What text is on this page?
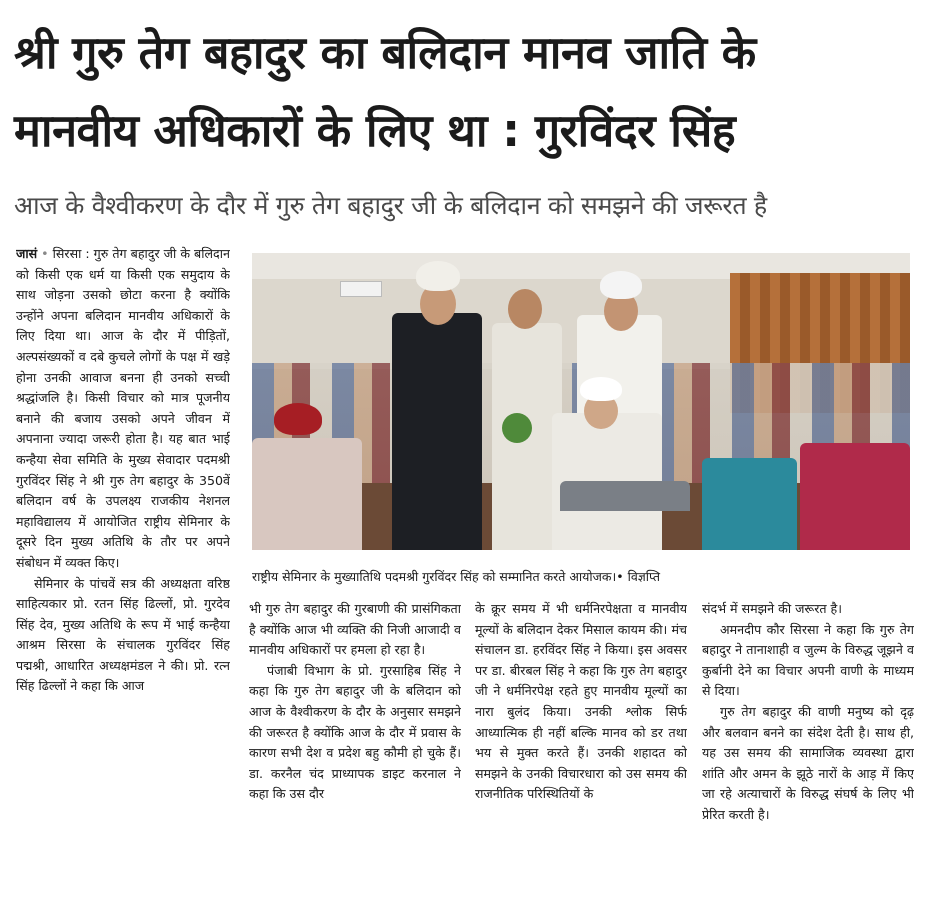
श्री गुरु तेग बहादुर का बलिदान मानव जाति के
मानवीय अधिकारों के लिए था : गुरविंदर सिंह
आज के वैश्वीकरण के दौर में गुरु तेग बहादुर जी के बलिदान को समझने की जरूरत है

जासं • सिरसा : गुरु तेग बहादुर जी के बलिदान को किसी एक धर्म या किसी एक समुदाय के साथ जोड़ना उसको छोटा करना है क्योंकि उन्होंने अपना बलिदान मानवीय अधिकारों के लिए दिया था। आज के दौर में पीड़ितों, अल्पसंख्यकों व दबे कुचले लोगों के पक्ष में खड़े होना उनकी आवाज बनना ही उनको सच्ची श्रद्धांजलि है। किसी विचार को मात्र पूजनीय बनाने की बजाय उसको अपने जीवन में अपनाना ज्यादा जरूरी होता है। यह बात भाई कन्हैया सेवा समिति के मुख्य सेवादार पदमश्री गुरविंदर सिंह ने श्री गुरु तेग बहादुर के 350वें बलिदान वर्ष के उपलक्ष्य राजकीय नेशनल महाविद्यालय में आयोजित राष्ट्रीय सेमिनार के दूसरे दिन मुख्य अतिथि के तौर पर अपने संबोधन में व्यक्त किए।

सेमिनार के पांचवें सत्र की अध्यक्षता वरिष्ठ साहित्यकार प्रो. रतन सिंह ढिल्लों, प्रो. गुरदेव सिंह देव, मुख्य अतिथि के रूप में भाई कन्हैया आश्रम सिरसा के संचालक गुरविंदर सिंह पद्मश्री, आधारित अध्यक्षमंडल ने की। प्रो. रत्न सिंह ढिल्लों ने कहा कि आज

राष्ट्रीय सेमिनार के मुख्यातिथि पदमश्री गुरविंदर सिंह को सम्मानित करते आयोजक।• विज्ञप्ति

भी गुरु तेग बहादुर की गुरबाणी की प्रासंगिकता है क्योंकि आज भी व्यक्ति की निजी आजादी व मानवीय अधिकारों पर हमला हो रहा है।

पंजाबी विभाग के प्रो. गुरसाहिब सिंह ने कहा कि गुरु तेग बहादुर जी के बलिदान को आज के वैश्वीकरण के दौर के अनुसार समझने की जरूरत है क्योंकि आज के दौर में प्रवास के कारण सभी देश व प्रदेश बहु कौमी हो चुके हैं। डा. करनैल चंद प्राध्यापक डाइट करनाल ने कहा कि उस दौर

के क्रूर समय में भी धर्मनिरपेक्षता व मानवीय मूल्यों के बलिदान देकर मिसाल कायम की। मंच संचालन डा. हरविंदर सिंह ने किया। इस अवसर पर डा. बीरबल सिंह ने कहा कि गुरु तेग बहादुर जी ने धर्मनिरपेक्ष रहते हुए मानवीय मूल्यों का नारा बुलंद किया। उनकी श्लोक सिर्फ आध्यात्मिक ही नहीं बल्कि मानव को डर तथा भय से मुक्त करते हैं। उनकी शहादत को समझने के उनकी विचारधारा को उस समय की राजनीतिक परिस्थितियों के

संदर्भ में समझने की जरूरत है।

अमनदीप कौर सिरसा ने कहा कि गुरु तेग बहादुर ने तानाशाही व जुल्म के विरुद्ध जूझने व कुर्बानी देने का विचार अपनी वाणी के माध्यम से दिया।

गुरु तेग बहादुर की वाणी मनुष्य को दृढ़ और बलवान बनने का संदेश देती है। साथ ही, यह उस समय की सामाजिक व्यवस्था द्वारा शांति और अमन के झूठे नारों के आड़ में किए जा रहे अत्याचारों के विरुद्ध संघर्ष के लिए भी प्रेरित करती है।
